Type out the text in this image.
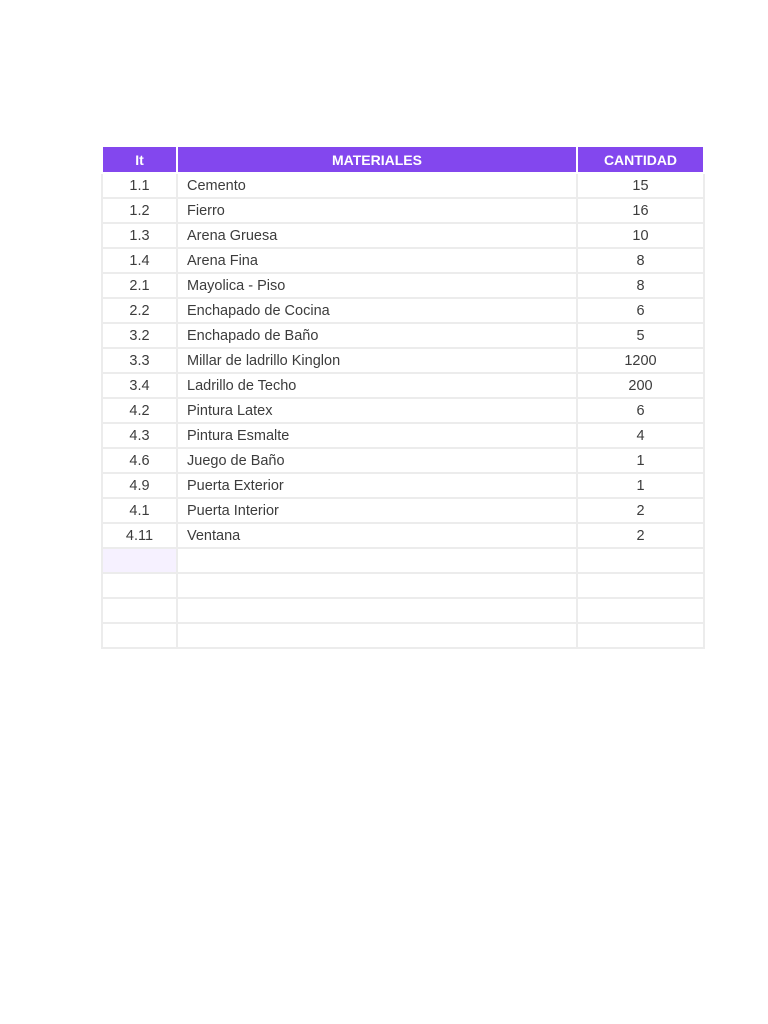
It	MATERIALES	CANTIDAD
1.1	Cemento	15
1.2	Fierro	16
1.3	Arena Gruesa	10
1.4	Arena Fina	8
2.1	Mayolica - Piso	8
2.2	Enchapado de Cocina	6
3.2	Enchapado de Baño	5
3.3	Millar de ladrillo Kinglon	1200
3.4	Ladrillo de Techo	200
4.2	Pintura Latex	6
4.3	Pintura Esmalte	4
4.6	Juego de Baño	1
4.9	Puerta Exterior	1
4.1	Puerta Interior	2
4.11	Ventana	2
